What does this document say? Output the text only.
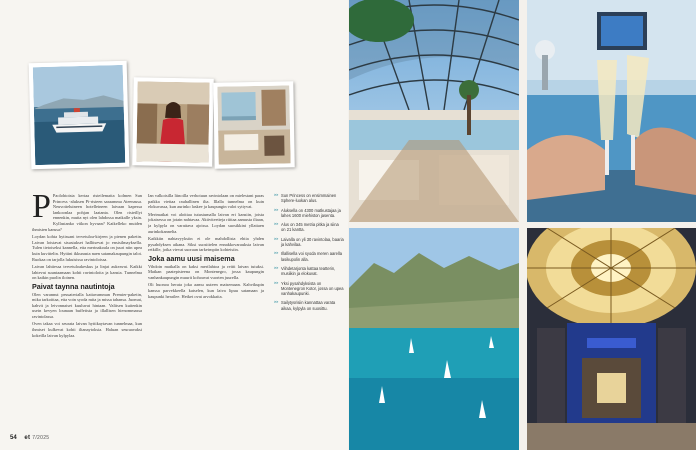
P Paolohtoista kertaa risteilematta kolmen Sun Princess -aluksen Pi-risteen saraamma Ateenassa. Neuvotteluineen hotelleineen laivaan kapessa lankoonlaa pohjan laatanta. Olen risteillyt ennenkin, mutta nyt olen lahdossa matkalle yksin. Kyllastanko viikon hyvaan? Kaikelleko muiden ihmisten kanssa?

Loydan kohta hytissani tervetuloa-kirjeen ja pienen paketin. Laivan loistavat sisustukset hallitsevat jo ensisilmayksella. Tulen tietoiseksi kannella, etta merinakoala on juuri niin upea kuin kuvittelin. Hyttini ikkunasta naen satamakaupungin talot. Ruokaa on tarjolla lukuisissa ravintoloissa.

Laivan lahtiessa tervetuloakeskus ja linjat aukeavat. Kaikki lahtevat suuntaamaan kohti ravintoloita ja kansia. Tunnelma on kaikin puolin iloinen.

Paivat taynna nautintoja

Olen varannut pesuaterialla kattavamman Premier-paketin, mika tarkoittaa, etta voin syoda mita ja missa tahansa. Juomat, kahvit ja leivonnaiset kuuluvat hintaan. Valitsen kuitenkin usein kevyen lounaan buffetista ja illallisen hienommassa ravintolassa.

Oven takaa voi seurata laivan hyttikaytavan tunnelmaa, kun ihmiset kulkevat kohti iltanaytoksia. Haluan seuraavaksi kokeilla laivan kylpylaa.

Ian valkoisilla liinoilla verhotuun ravintolaan on mielestani paras paikka viettaa rauhallinen ilta. Illalla tunnelma on kuin elokuvassa, kun aurinko laskee ja kaupungin valot syttyvat.

Merimatkat voi aloittaa tutustumalla laivan eri kansiin, joista jokaisessa on jotain nahtavaa. Aktiviteetteja riittaa aamusta iltaan, ja kylpyla on varattava ajoissa. Loydan suosikkini yllattaen aurinkokannelta.

Kaikkiin nahtavyyksiin ei ole mahdollista ehtia yhden pysahdyksen aikana. Siksi suosittelen ennakkovarauksia laivan retkille, jotka vievat suoraan tarkeimpiin kohteisiin.

Joka aamu uusi maisema

Vihdoin matkalla on kaksi merilahtoa ja reitti laivan tutuksi. Matkan paatepisteena on Montenegro, jossa kaupungin vanhankaupungin muurit kohoavat vuorten juurella.

Oli huonoa herata joka aamu uuteen maisemaan. Kahvikupin kanssa parvekkeella katselen, kun laiva lipuu satamaan ja kaupunki herailee. Hetket ovat arvokkaita.

>> Sun Princess on ensimmainen Sphere-luokan alus.
>> Aluksella on 4300 matkustajaa ja lahes 1600 miehiston jasenta.
>> Alus on 345 metria pitka ja siina on 21 kantta.
>> Laivalla on yli 30 ravintolaa, baaria ja kahvilaa.
>> Illallisella voi syoda meren aarella lasikupolin alla.
>> Viihdetarjonta kattaa teatterin, musiikin ja elokuvat.
>> Yksi pysahdyksista on Montenegron Kotor, jossa on upea vanhakaupunki.
>> Sailytysrisiin kannattaa varata aikaa, kylpyla on suosittu.
54 et 7/2025
